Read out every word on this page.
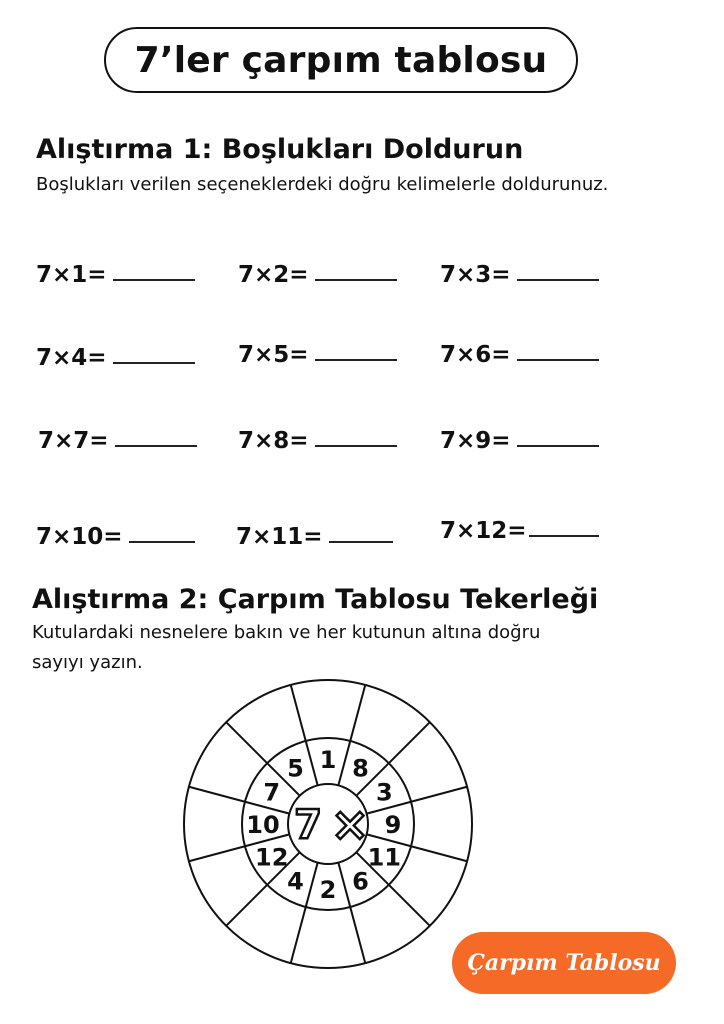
7’ler çarpım tablosu
Alıştırma 1: Boşlukları Doldurun
Boşlukları verilen seçeneklerdeki doğru kelimelerle doldurunuz.
7×1=	7×2=	7×3=
7×4=	7×5=	7×6=
7×7=	7×8=	7×9=
7×10=	7×11=	7×12=
Alıştırma 2: Çarpım Tablosu Tekerleği
Kutulardaki nesnelere bakın ve her kutunun altına doğru
sayıyı yazın.
1 8
3
9
11
6
2
4
12
10
7
5
7 ×
Çarpım Tablosu
